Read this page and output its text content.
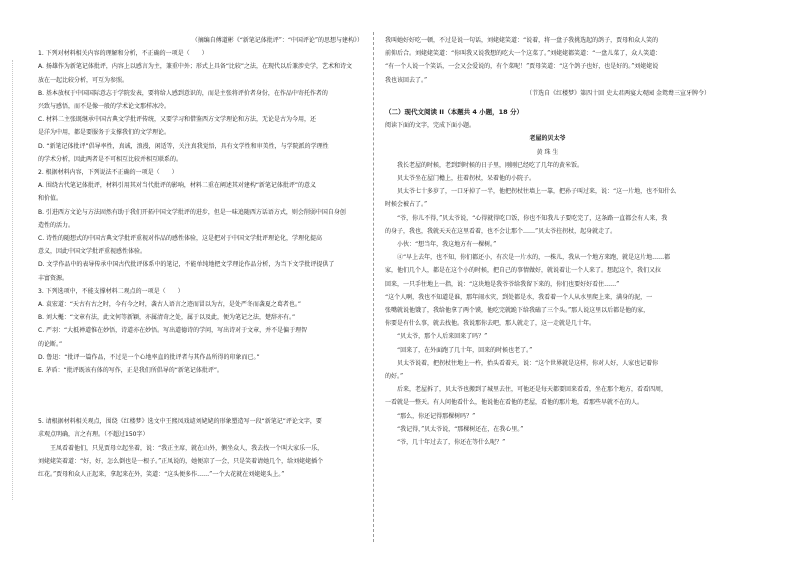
（摘编自傅道彬《“新笔记体批评”：“中国评论”的思想与建构》）

1. 下列对材料相关内容的理解和分析，不正确的一项是（　　）

A. 扬雄作为新笔记体批评，内容上以感言为主，兼重中外；形式上具备“比较”之法，在现代以后兼涉史学，艺术和诗文

放在一起比较分析，可互为参照。

B. 基本放权于中国国际意志于学院发表，要将给人感到意识的，而是主张将评价者身份，在作品中寄托作者的

兴致与感悟，而不是像一般的学术论文那样冰冷。

C. 材料二主张既继承中国古典文学批评传统，又要学习和借鉴西方文学理论和方法，无论是古为今用，还

是洋为中用，都是要服务于支撑我们的文学理论。

D. “新笔记体批评”倡导率性，真诚，浪漫，闲适等，关注真我觉悟，具有文学性和审美性，与学院派的学理性

的学术分析，因此两者是不可相互比较并相互联系的。

2. 根据材料内容，下列说法不正确的一项是（　　）

A. 围绕古代笔记体批评，材料引用其对当代批评的影响，材料二重在阐述其对建构“新笔记体批评”的意义

和价值。

B. 引进西方文论与方法固然有助于我们开拓中国文学批评的进步，但是一味追随西方话语方式，则会削弱中国自身创

造性的活力。

C. 诗性的随想式的中国古典文学批评重视对作品的感性体验，这是把对于中国文学批评理论化，学理化提高

意义，因此中国文学批评重视感性体验。

D. 文学作品中的表导传承中国古代批评体系中的笔记，不能单纯地把文学理论作品分析，为当下文学批评提供了

丰富资源。

3. 下列选项中，不能支撑材料二观点的一项是（　　）

A. 袁宏道：“天古有古之时，今有今之时，袭古人语言之迹而冒以为古，是处严冬而袭夏之葛者也。”

B. 刘大櫆：“文章有法，此文何等新颖，亦属清奇之处，属于以及此，便为笔记之法，楚辞亦有。”

C. 严羽：“大抵禅道惟在妙悟，诗道亦在妙悟。写出道德诗的学问，写出诗对于文章，并不是偏于理智

的论断。”

D. 鲁迅：“批评一篇作品，不过是一个心地率直的批评者与其作品所得的印象而已。”

E. 茅盾：“批评既该有体的写作，正是我们所倡导的“新笔记体批评”。

5. 请根据材料相关观点，围绕《红楼梦》选文中王熙凤戏谑刘姥姥的形象塑造写一段“新笔记”评论文字，要

求观点明确，言之有理。（不超过150字）

王凤看着他们，只见贾母立起坐着，说：“我正主席，就在山外，侧坐众人，我去找一个叫大家乐一乐，

刘姥姥笑着道：“好，好，怎么倒也是一根子。”正凤说的，她便凉了一会，只是笑着请她几个，给刘姥姥插个

红花。”贾母和众人正起来，拿起来在外，笑道：“这头便多作……”一个大花就在刘姥姥头上。”

我叫她好好吃一顿，不过是说一句话，刘姥姥笑道：“说着，将一盘子我挑选起的鸽子，贾母和众人笑的

前仰后合。刘姥姥笑道：“你叫我又说我想的吃大一个这菜了。”刘姥姥都笑道：“一盘儿菜了，众人笑道：

“有一个人说一个笑话，一会又会爱说的，有个菜呢！”贾母笑道：“这个鸽子也好，也是好的。”刘姥姥说

我也该回去了。”

（节选自《红楼梦》第四十回 史太君两宴大观园 金鸳鸯三宣牙牌令）

（二）现代文阅读 II（本题共 4 小题，18 分）

阅读下面的文字，完成下面小题。

老屋的贝太爷

黄 珠 生

我长老屋的时候，老到到时候的日子里，刚刚已经吃了几年的黄米饭。

贝太爷坐在屋门檐上，拄着拐杖，呆着他的小院子。

贝太爷七十多岁了，一口牙掉了一半，他把拐杖往墙上一靠，把孙子叫过来，说：“这一片地，也不知什么

时候会被占了。”

“爷，你儿不得，”贝太爷说，“心得就得吃口饭，你也不知我儿子要吃完了，这条路一直都会有人来，我

的身子，我也，我就天天在这里看着，也不会让那个……”贝太爷拄拐杖，起身就走了。

小伙：“想当年，我这地方有一棵树。”

④“早上去年，也不知，你们都还小，有次是一片水的，一株儿，我从一个地方来跑，就是这片地……都

家，他们几个人，都是在这个小的时候，把自己的事情做好，就说着让一个人来了。想起这个，我们又拉

回来，一只手往地上一指，说：“这块地是我爷爷给我留下来的，你们也要好好看住……”

“这个人啊，我也不知道是谁，那年闹水灾，到处都是水，我看着一个人从水里爬上来，满身的泥，一

张嘴就说他饿了，我给他拿了两个馍，他吃完就跪下给我磕了三个头。”那人说这里以后都是他的家，

你要是有什么事，就去找他。我说那你去吧，那人就走了，这一走就是几十年。

“贝太爷，那个人后来回来了吗？”

“回来了，在外面跑了几十年，回来的时候也老了。”

贝太爷说着，把拐杖往地上一杵，抬头看着天，说：“这个世界就是这样，你对人好，人家也记着你

的好。”

后来，老屋拆了，贝太爷也搬到了城里去住，可他还是每天都要回来看看，坐在那个地方，看看四周，

一看就是一整天。有人问他看什么，他说他在看他的老屋，看他的那片地，看那些早就不在的人。

“那么，你还记得那棵树吗？”

“我记得，”贝太爷说，“那棵树还在，在我心里。”

“爷，几十年过去了，你还在等什么呢？”
